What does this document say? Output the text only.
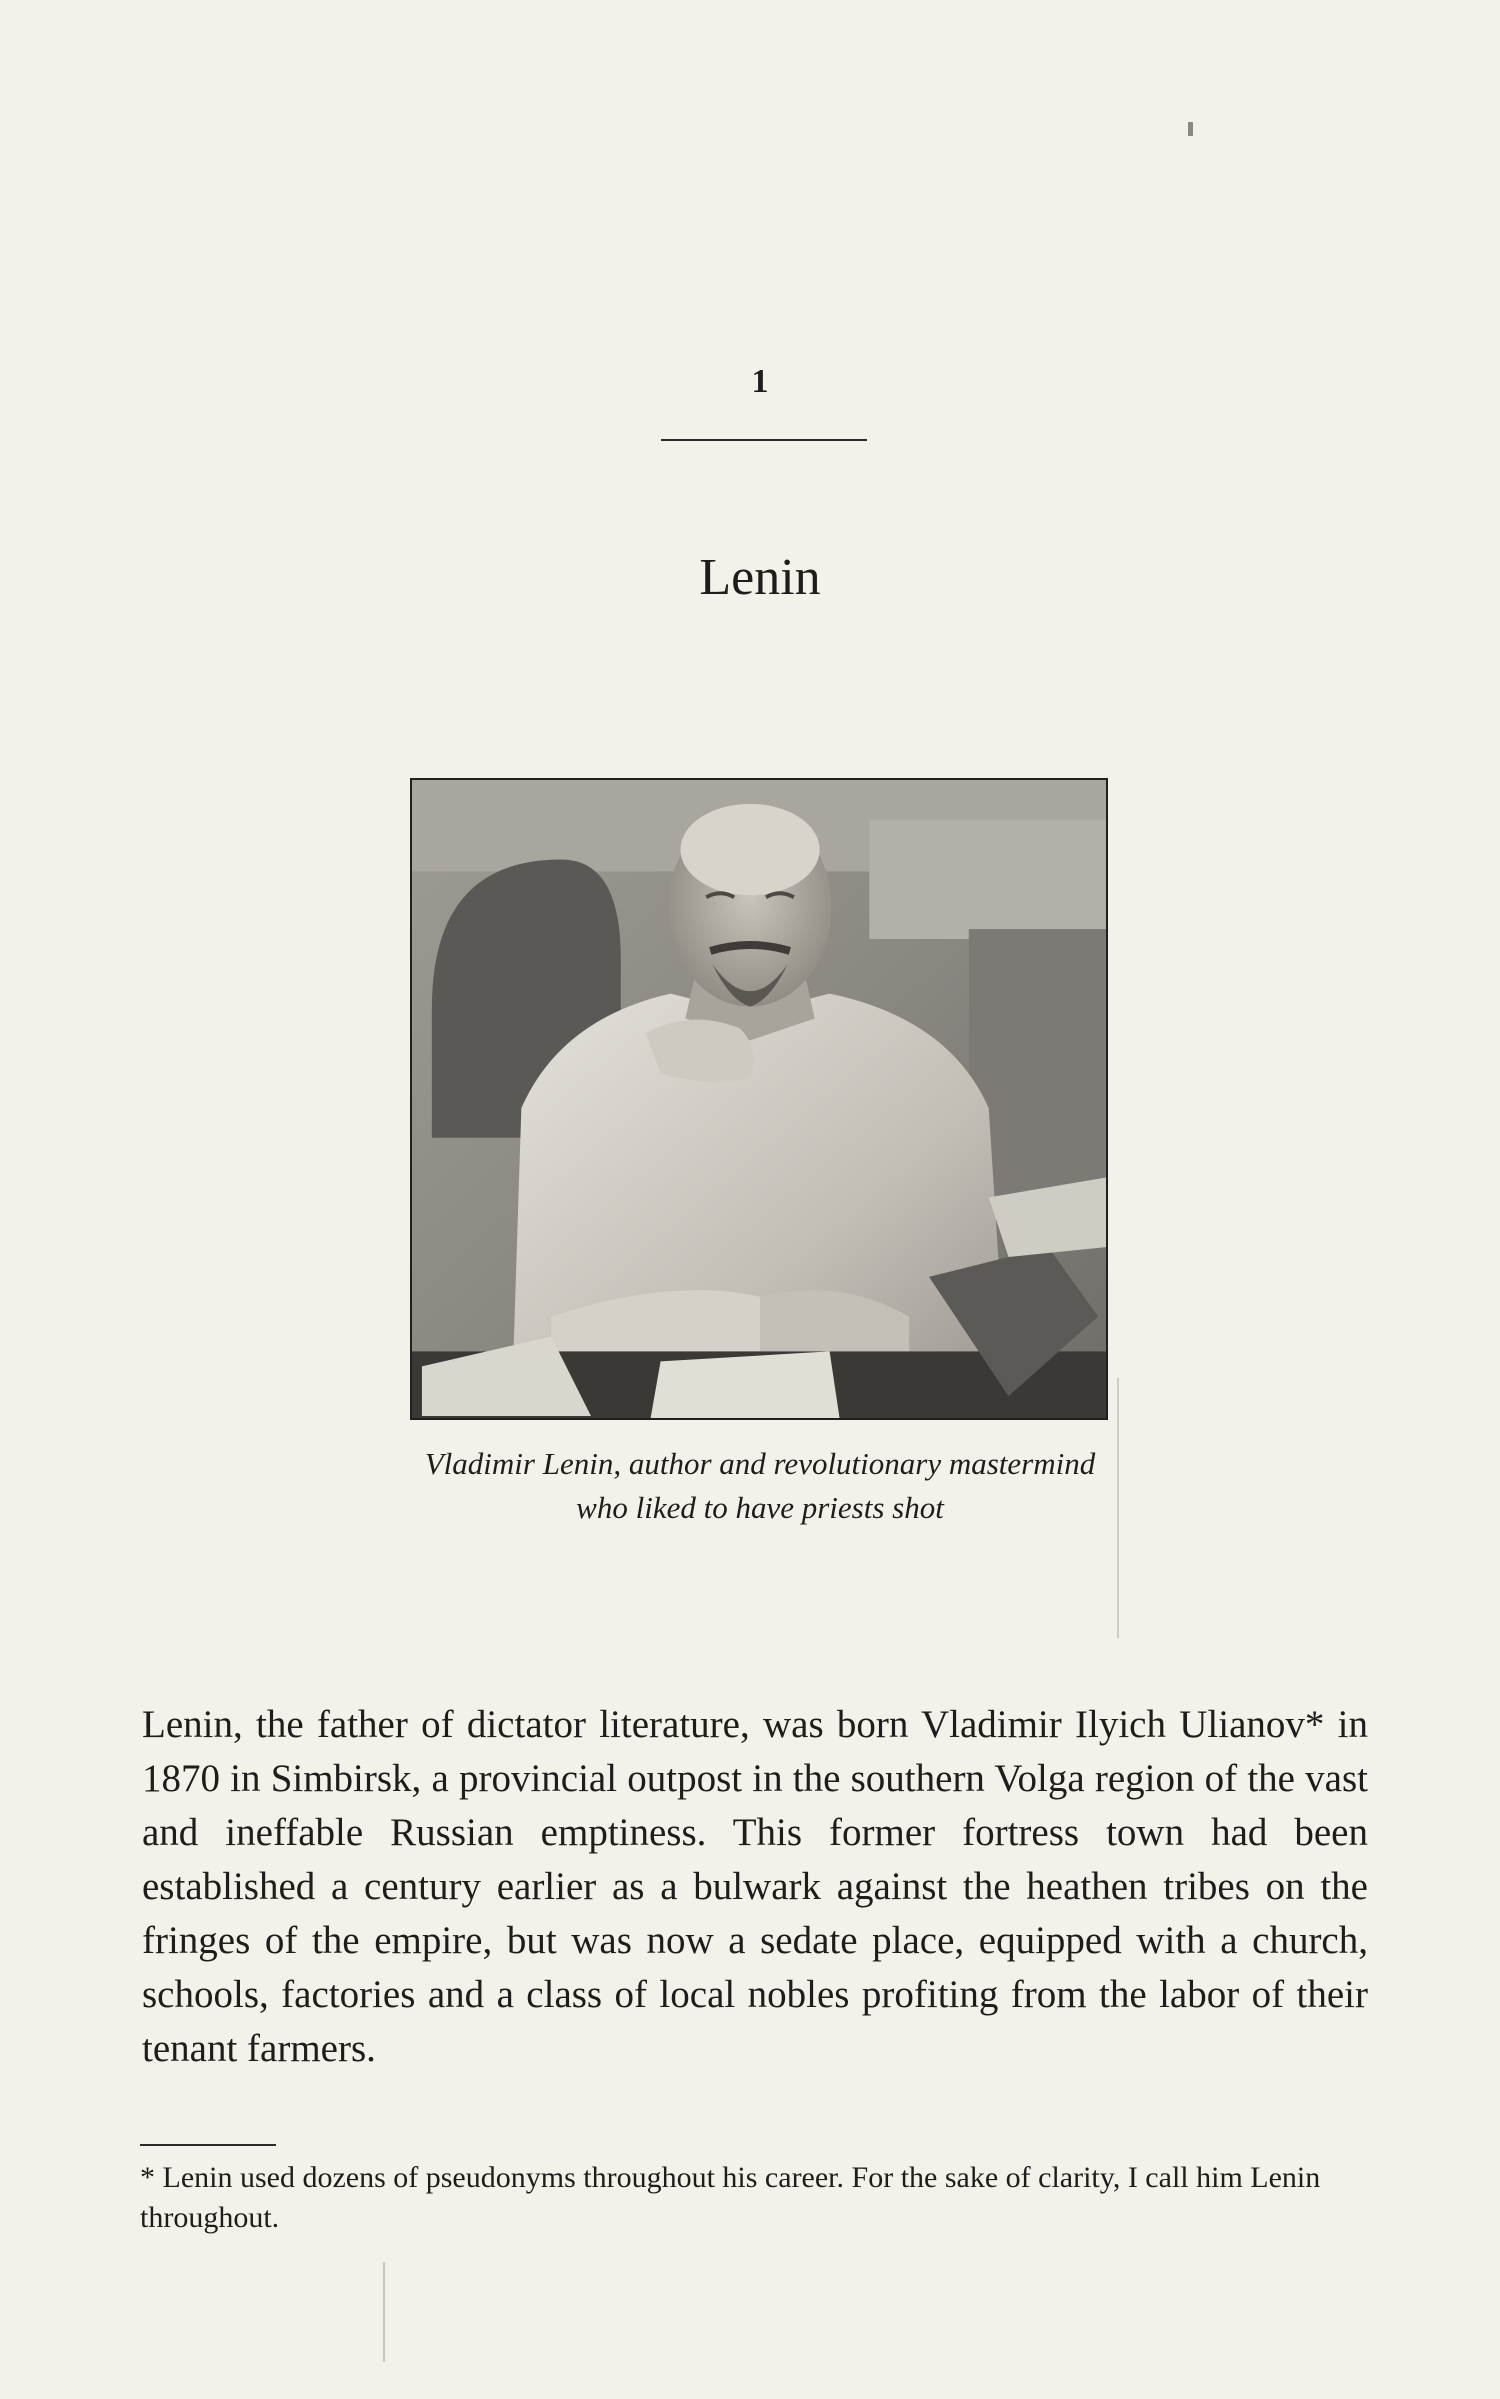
1
Lenin
Vladimir Lenin, author and revolutionary mastermind
who liked to have priests shot

Lenin, the father of dictator literature, was born Vladimir Ilyich Ulianov* in 1870 in Simbirsk, a provincial outpost in the southern Volga region of the vast and ineffable Russian emptiness. This former fortress town had been established a century earlier as a bulwark against the heathen tribes on the fringes of the empire, but was now a sedate place, equipped with a church, schools, factories and a class of local nobles profiting from the labor of their tenant farmers.

* Lenin used dozens of pseudonyms throughout his career. For the sake of clarity, I call him Lenin throughout.
